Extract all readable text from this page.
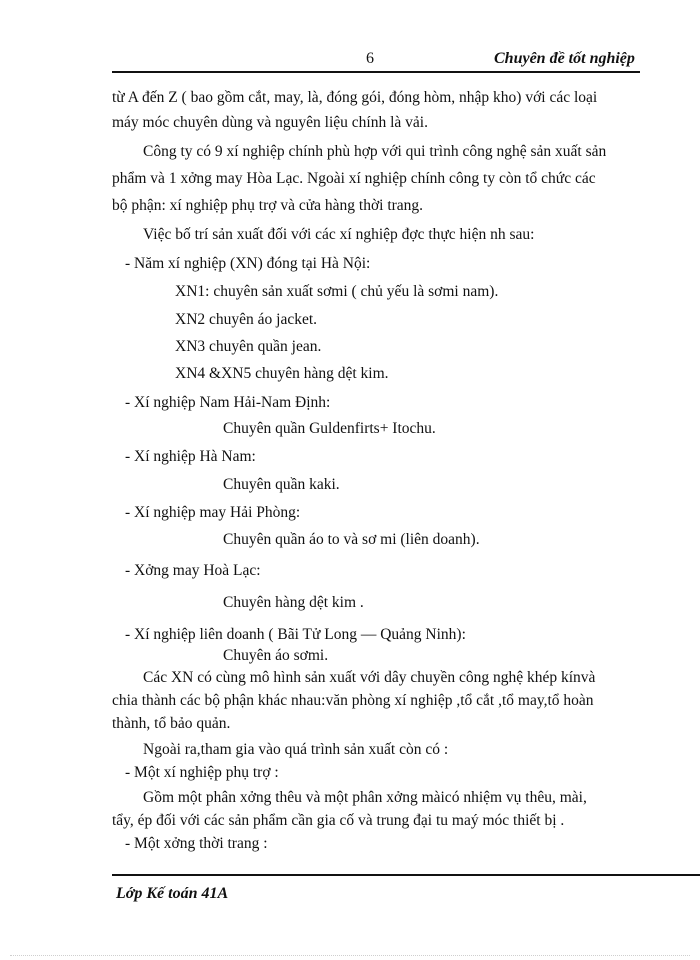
6	Chuyên đề tốt nghiệp
từ A đến Z ( bao gồm cắt, may, là, đóng gói, đóng hòm, nhập kho) với các loại
máy móc chuyên dùng và nguyên liệu chính là vải.
Công ty có 9 xí nghiệp chính phù hợp với qui trình công nghệ sản xuất sản
phẩm và 1 xởng may Hòa Lạc. Ngoài xí nghiệp chính công ty còn tổ chức các
bộ phận: xí nghiệp phụ trợ và cửa hàng thời trang.
Việc bố trí sản xuất đối với các xí nghiệp đợc thực hiện nh sau:
- Năm xí nghiệp (XN) đóng tại Hà Nội:
XN1: chuyên sản xuất sơmi ( chủ yếu là sơmi nam).
XN2 chuyên áo jacket.
XN3 chuyên quần jean.
XN4 &XN5 chuyên hàng dệt kim.
- Xí nghiệp Nam Hải-Nam Định:
Chuyên quần Guldenfirts+ Itochu.
- Xí nghiệp Hà Nam:
Chuyên quần kaki.
- Xí nghiệp may Hải Phòng:
Chuyên quần áo to và sơ mi (liên doanh).
- Xởng may Hoà Lạc:
Chuyên hàng dệt kim .
- Xí nghiệp liên doanh ( Bãi Tử Long — Quảng Ninh):
Chuyên áo sơmi.
Các XN có cùng mô hình sản xuất với dây chuyền công nghệ khép kínvà
chia thành các bộ phận khác nhau:văn phòng xí nghiệp ,tổ cắt ,tổ may,tổ hoàn
thành, tổ bảo quản.
Ngoài ra,tham gia vào quá trình sản xuất còn có :
- Một xí nghiệp phụ trợ :
Gồm một phân xởng thêu và một phân xởng màicó nhiệm vụ thêu, mài,
tẩy, ép đối với các sản phẩm cần gia cố và trung đại tu maý móc thiết bị .
- Một xởng thời trang :
Lớp Kế toán 41A
